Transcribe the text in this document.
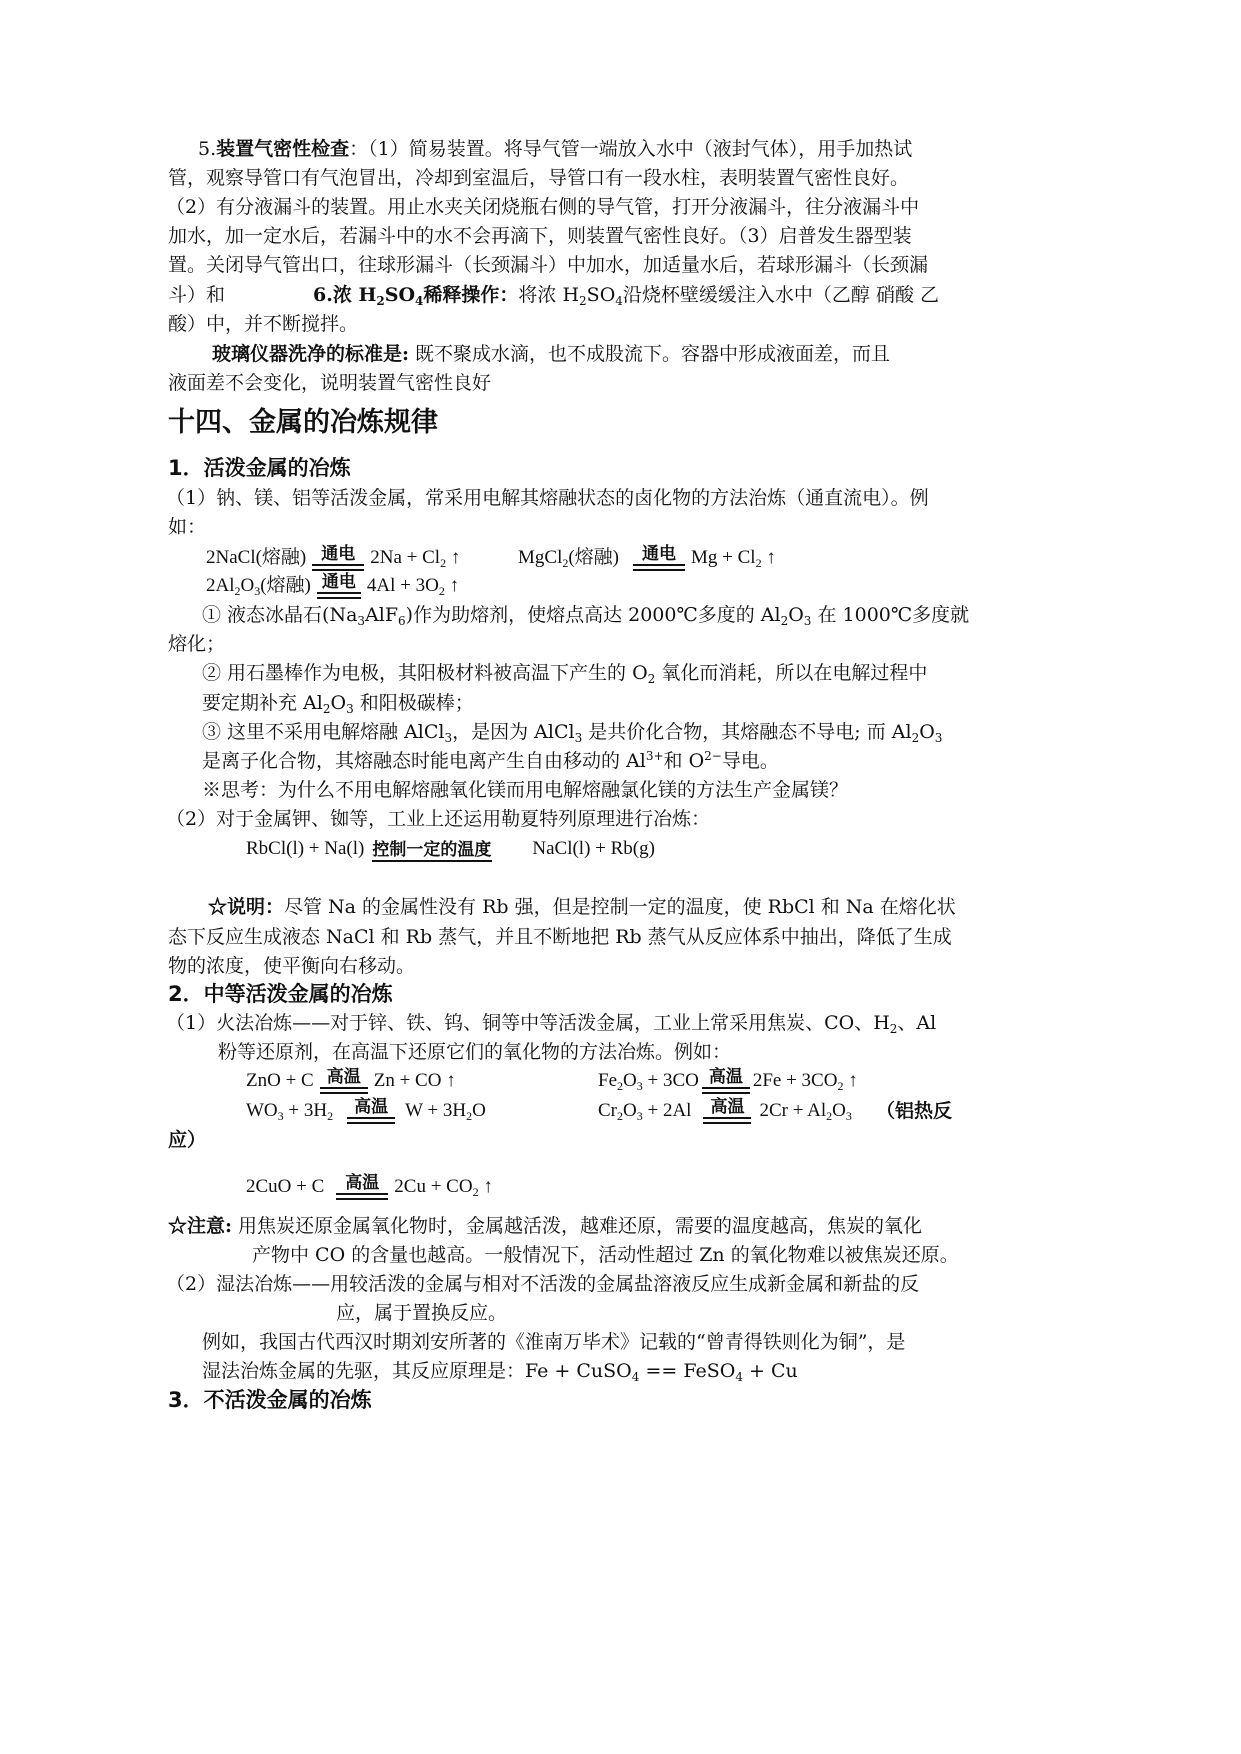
5.装置气密性检查：（1）简易装置。将导气管一端放入水中（液封气体），用手加热试
管，观察导管口有气泡冒出，冷却到室温后，导管口有一段水柱，表明装置气密性良好。
（2）有分液漏斗的装置。用止水夹关闭烧瓶右侧的导气管，打开分液漏斗，往分液漏斗中
加水，加一定水后，若漏斗中的水不会再滴下，则装置气密性良好。（3）启普发生器型装
置。关闭导气管出口，往球形漏斗（长颈漏斗）中加水，加适量水后，若球形漏斗（长颈漏
斗）和	6.浓 $H_2SO_4$稀释操作：将浓 $H_2SO_4$沿烧杯壁缓缓注入水中（乙醇 硝酸 乙
酸）中，并不断搅拌。
玻璃仪器洗净的标准是: 既不聚成水滴，也不成股流下。容器中形成液面差，而且
液面差不会变化，说明装置气密性良好
十四、金属的冶炼规律
1．活泼金属的冶炼
（1）钠、镁、铝等活泼金属，常采用电解其熔融状态的卤化物的方法治炼（通直流电）。例
如：
2NaCl(熔融) 通电 $2Na + Cl_2$ ↑	MgCl$_2$(熔融)	通电 $Mg + Cl_2$ ↑
$2Al_2O_3$(熔融) 通电 $4Al + 3O_2$ ↑
① 液态冰晶石$(Na_3AlF_6)$作为助熔剂，使熔点高达 2000℃多度的 $Al_2O_3$ 在 1000℃多度就
熔化；
② 用石墨棒作为电极，其阳极材料被高温下产生的 $O_2$ 氧化而消耗，所以在电解过程中
要定期补充 $Al_2O_3$ 和阳极碳棒；
③ 这里不采用电解熔融 AlCl$_3$，是因为 AlCl$_3$ 是共价化合物，其熔融态不导电; 而 $Al_2O_3$
是离子化合物，其熔融态时能电离产生自由移动的 $Al^{3+}$和 $O^{2-}$导电。
※思考：为什么不用电解熔融氧化镁而用电解熔融氯化镁的方法生产金属镁？
（2）对于金属钾、铷等，工业上还运用勒夏特列原理进行冶炼：
RbCl(l) + Na(l) 控制一定的温度 NaCl(l) + Rb(g)
☆说明：尽管 Na 的金属性没有 Rb 强，但是控制一定的温度，使 RbCl 和 Na 在熔化状
态下反应生成液态 NaCl 和 Rb 蒸气，并且不断地把 Rb 蒸气从反应体系中抽出，降低了生成
物的浓度，使平衡向右移动。
2．中等活泼金属的冶炼
（1）火法冶炼——对于锌、铁、钨、铜等中等活泼金属，工业上常采用焦炭、CO、$H_2$、Al
粉等还原剂，在高温下还原它们的氧化物的方法冶炼。例如：
ZnO + C 高温 Zn + CO ↑	$Fe_2O_3 + 3CO$ 高温 $2Fe + 3CO_2$ ↑
$WO_3 + 3H_2$	高温 $W + 3H_2O$	$Cr_2O_3 + 2Al$	高温 $2Cr + Al_2O_3$ （铝热反
应）
2CuO + C	高温 $2Cu + CO_2$ ↑
☆注意: 用焦炭还原金属氧化物时，金属越活泼，越难还原，需要的温度越高，焦炭的氧化
产物中 CO 的含量也越高。一般情况下，活动性超过 Zn 的氧化物难以被焦炭还原。
（2）湿法冶炼——用较活泼的金属与相对不活泼的金属盐溶液反应生成新金属和新盐的反
应，属于置换反应。
例如，我国古代西汉时期刘安所著的《淮南万毕术》记载的“曾青得铁则化为铜”，是
湿法治炼金属的先驱，其反应原理是：Fe + CuSO$_4$ == FeSO$_4$ + Cu
3．不活泼金属的冶炼
